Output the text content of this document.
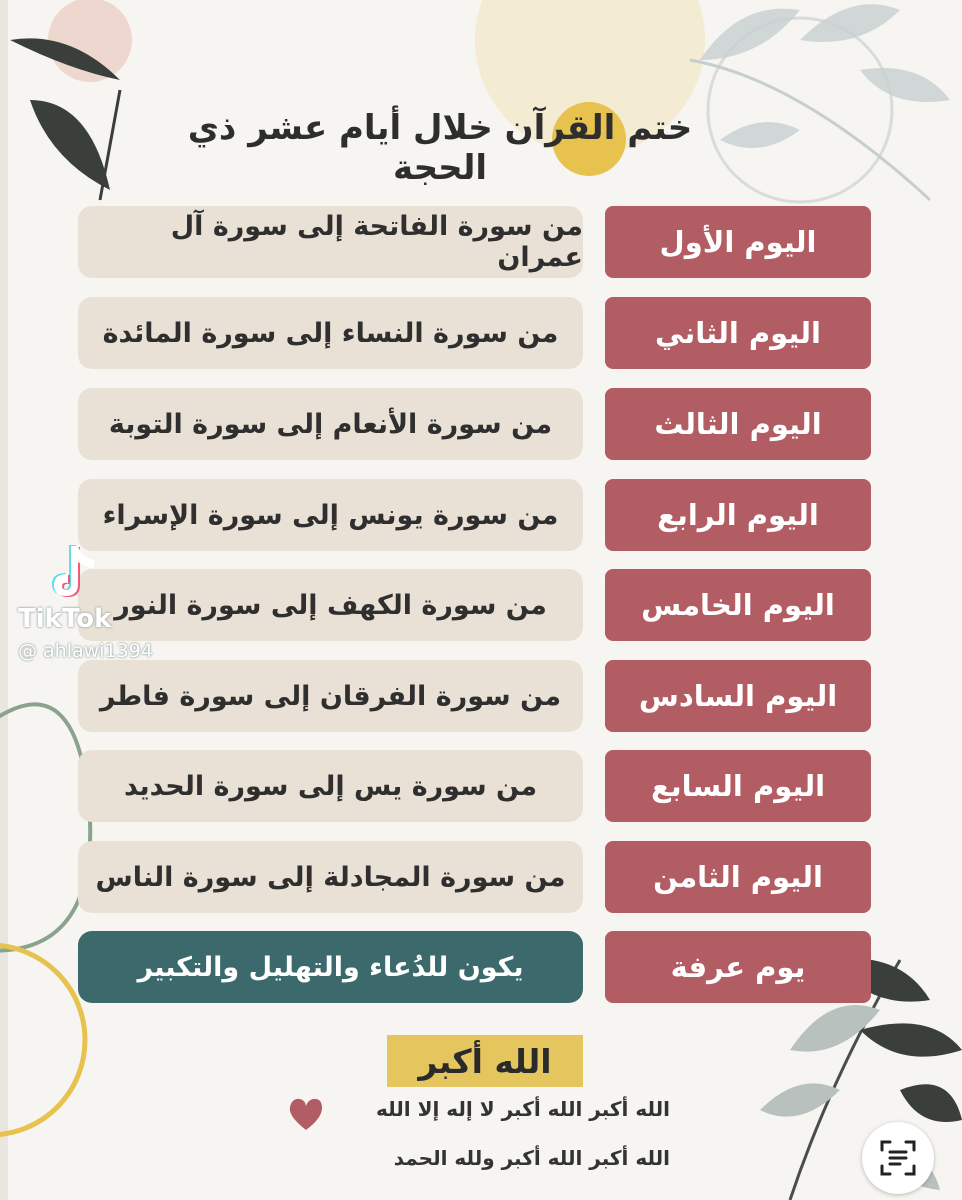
ختم القرآن خلال أيام عشر ذي الحجة
اليوم الأول
من سورة الفاتحة إلى سورة آل عمران
اليوم الثاني
من سورة النساء إلى سورة المائدة
اليوم الثالث
من سورة الأنعام إلى سورة التوبة
اليوم الرابع
من سورة يونس إلى سورة الإسراء
اليوم الخامس
من سورة الكهف إلى سورة النور
اليوم السادس
من سورة الفرقان إلى سورة فاطر
اليوم السابع
من سورة يس إلى سورة الحديد
اليوم الثامن
من سورة المجادلة إلى سورة الناس
يوم عرفة
يكون للدُعاء والتهليل والتكبير
TikTok
@ ahlawi1394
الله أكبر
الله أكبر الله أكبر لا إله إلا الله
الله أكبر الله أكبر ولله الحمد
